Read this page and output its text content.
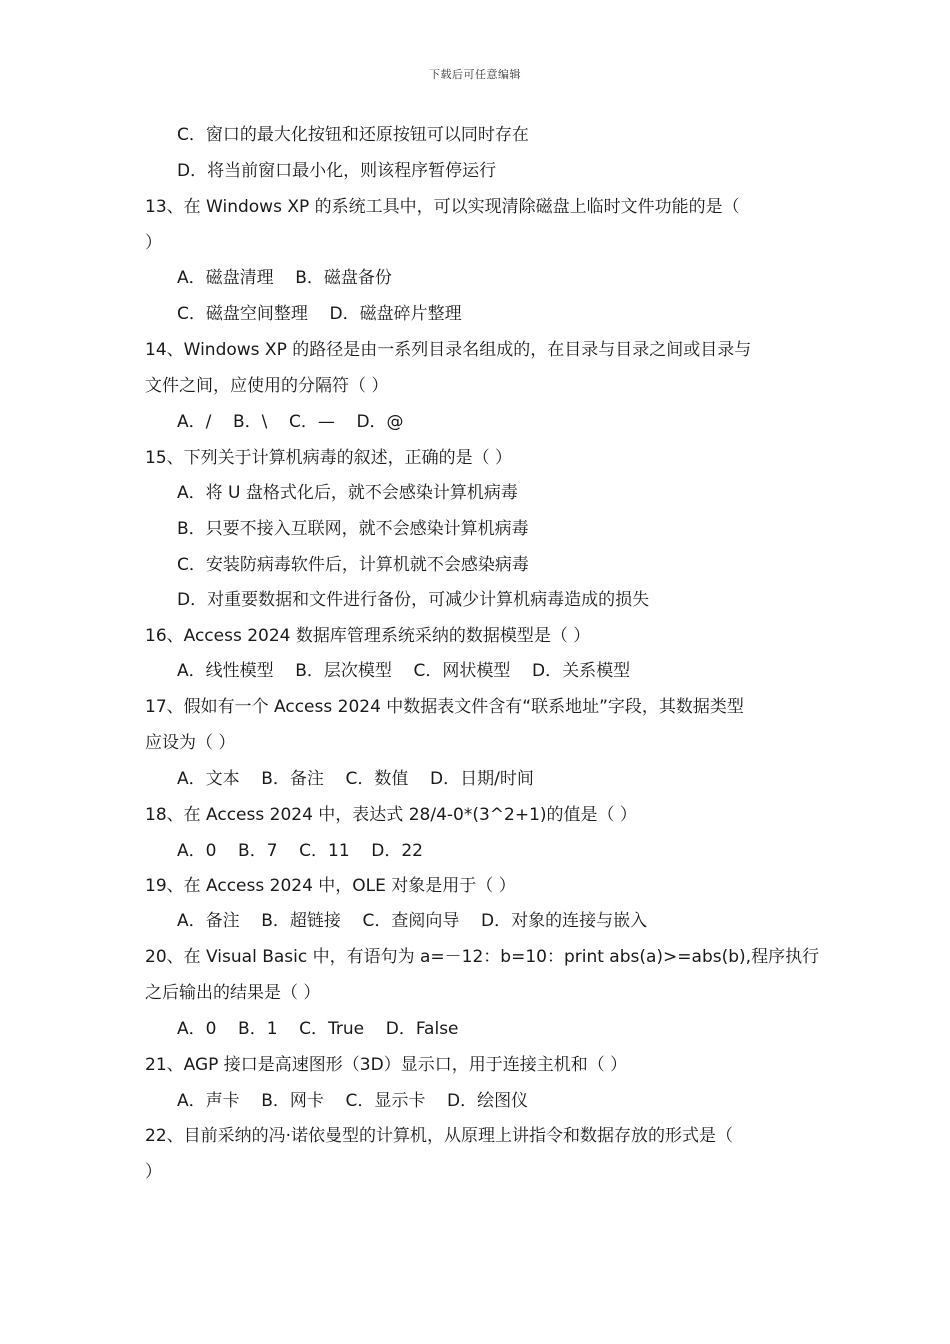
下载后可任意编辑
C．窗口的最大化按钮和还原按钮可以同时存在
D．将当前窗口最小化，则该程序暂停运行
13、在 Windows XP 的系统工具中，可以实现清除磁盘上临时文件功能的是（
）
A．磁盘清理    B．磁盘备份
C．磁盘空间整理    D．磁盘碎片整理
14、Windows XP 的路径是由一系列目录名组成的，在目录与目录之间或目录与
文件之间，应使用的分隔符（ ）
A．/    B．\    C．—    D．@
15、下列关于计算机病毒的叙述，正确的是（ ）
A．将 U 盘格式化后，就不会感染计算机病毒
B．只要不接入互联网，就不会感染计算机病毒
C．安装防病毒软件后，计算机就不会感染病毒
D．对重要数据和文件进行备份，可减少计算机病毒造成的损失
16、Access 2024 数据库管理系统采纳的数据模型是（ ）
A．线性模型    B．层次模型    C．网状模型    D．关系模型
17、假如有一个 Access 2024 中数据表文件含有“联系地址”字段，其数据类型
应设为（ ）
A．文本    B．备注    C．数值    D．日期/时间
18、在 Access 2024 中，表达式 28/4-0*(3^2+1)的值是（ ）
A．0    B．7    C．11    D．22
19、在 Access 2024 中，OLE 对象是用于（ ）
A．备注    B．超链接    C．查阅向导    D．对象的连接与嵌入
20、在 Visual Basic 中，有语句为 a=－12：b=10：print abs(a)>=abs(b),程序执行
之后输出的结果是（ ）
A．0    B．1    C．True    D．False
21、AGP 接口是高速图形（3D）显示口，用于连接主机和（ ）
A．声卡    B．网卡    C．显示卡    D．绘图仪
22、目前采纳的冯·诺依曼型的计算机，从原理上讲指令和数据存放的形式是（
）
